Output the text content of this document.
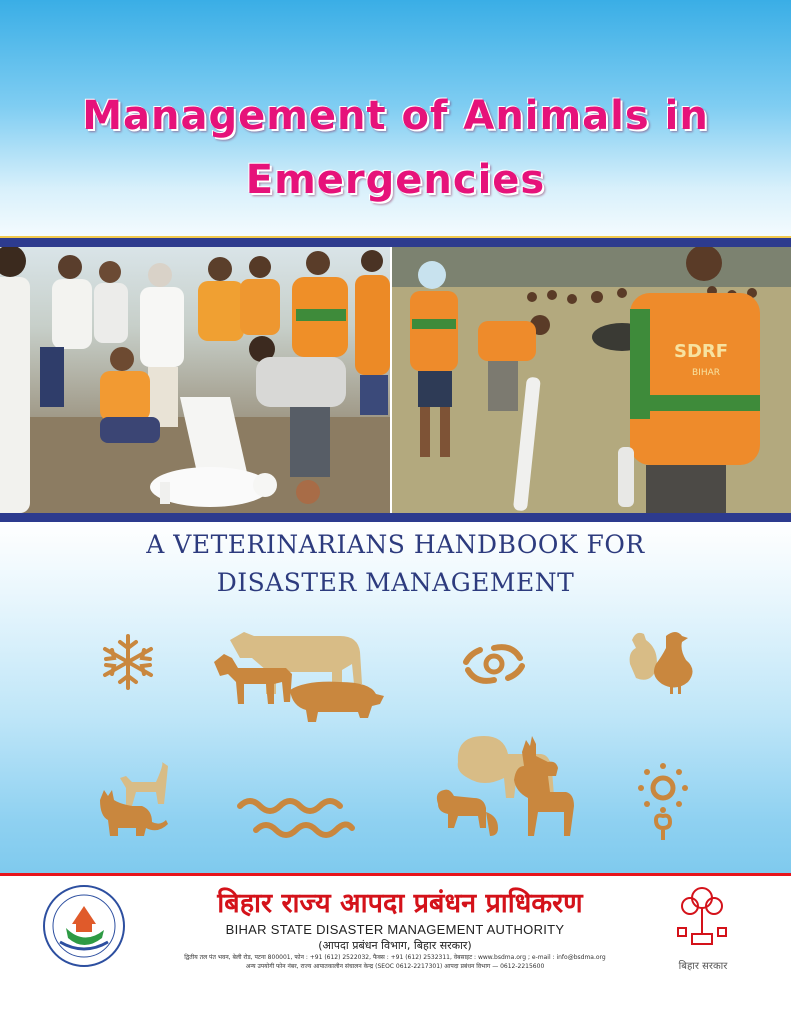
Management of Animals in
Emergencies
SDRF
BIHAR
A VETERINARIANS HANDBOOK FOR
DISASTER MANAGEMENT
बिहार राज्य आपदा प्रबंधन प्राधिकरण
BIHAR STATE DISASTER MANAGEMENT AUTHORITY
(आपदा प्रबंधन विभाग, बिहार सरकार)
द्वितीय तल पंत भवन, बेली रोड, पटना 800001, फोन : +91 (612) 2522032, फैक्स : +91 (612) 2532311, वेबसाइट : www.bsdma.org ; e-mail : info@bsdma.org
अन्य उपयोगी फोन नंबर, राज्य आपातकालीन संचालन केन्द्र (SEOC 0612-2217301) आपदा प्रबंधन विभाग — 0612-2215600	बिहार सरकार
